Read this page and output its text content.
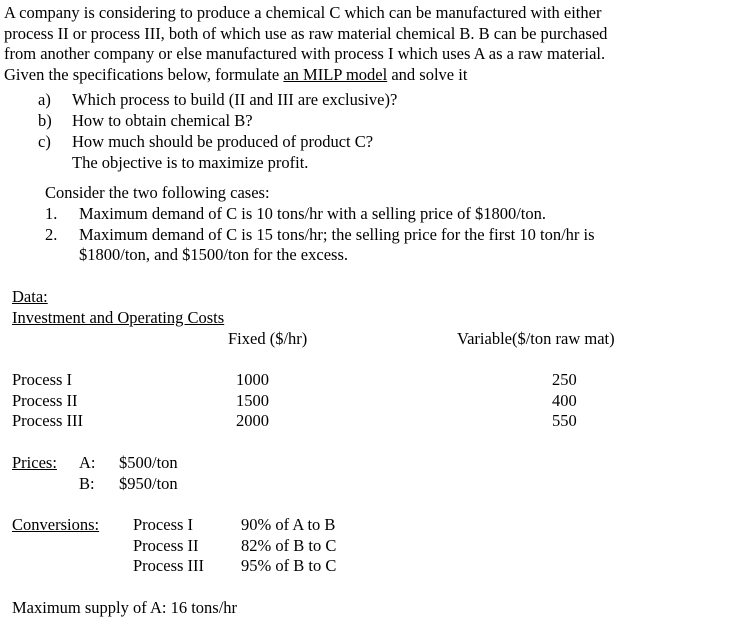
A company is considering to produce a chemical C which can be manufactured with either
process II or process III, both of which use as raw material chemical B. B can be purchased
from another company or else manufactured with process I which uses A as a raw material.
Given the specifications below, formulate an MILP model and solve it
a) Which process to build (II and III are exclusive)?
b) How to obtain chemical B?
c) How much should be produced of product C?
The objective is to maximize profit.
Consider the two following cases:
1. Maximum demand of C is 10 tons/hr with a selling price of $1800/ton.
2. Maximum demand of C is 15 tons/hr; the selling price for the first 10 ton/hr is
$1800/ton, and $1500/ton for the excess.
Data:
Investment and Operating Costs
Fixed ($/hr)	Variable($/ton raw mat)
Process I	1000	250
Process II	1500	400
Process III	2000	550
Prices: A: $500/ton
B: $950/ton
Conversions: Process I	90% of A to B
Process II	82% of B to C
Process III 95% of B to C
Maximum supply of A: 16 tons/hr
